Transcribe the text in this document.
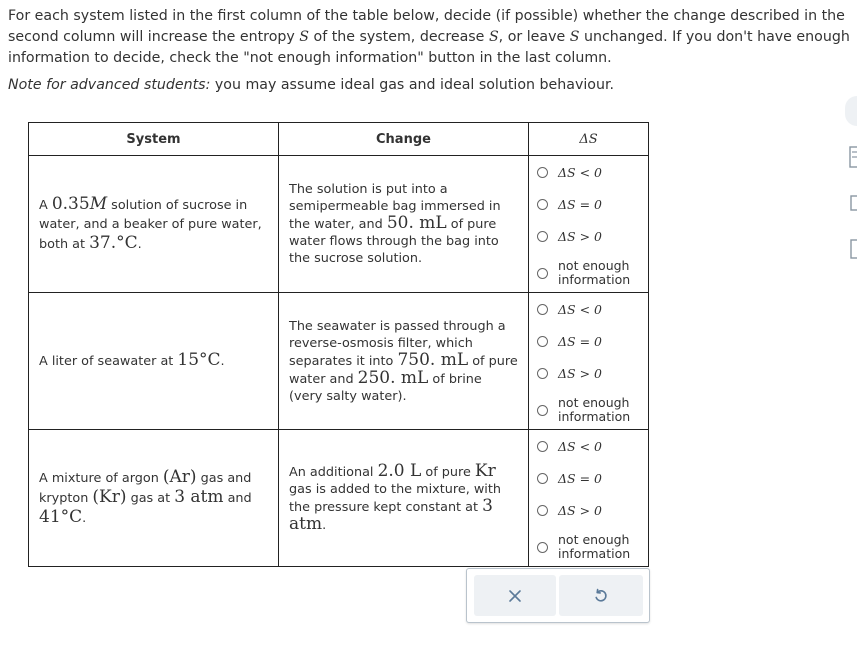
For each system listed in the first column of the table below, decide (if possible) whether the change described in the second column will increase the entropy S of the system, decrease S, or leave S unchanged. If you don't have enough information to decide, check the "not enough information" button in the last column.

Note for advanced students: you may assume ideal gas and ideal solution behaviour.

System	Change	ΔS

A 0.35M solution of sucrose in water, and a beaker of pure water, both at 37.°C.	The solution is put into a semipermeable bag immersed in the water, and 50. mL of pure water flows through the bag into the sucrose solution.	ΔS < 0
ΔS = 0
ΔS > 0
not enough information

A liter of seawater at 15°C.	The seawater is passed through a reverse-osmosis filter, which separates it into 750. mL of pure water and 250. mL of brine (very salty water).	ΔS < 0
ΔS = 0
ΔS > 0
not enough information

A mixture of argon (Ar) gas and krypton (Kr) gas at 3 atm and 41°C.	An additional 2.0 L of pure Kr gas is added to the mixture, with the pressure kept constant at 3 atm.	ΔS < 0
ΔS = 0
ΔS > 0
not enough information
